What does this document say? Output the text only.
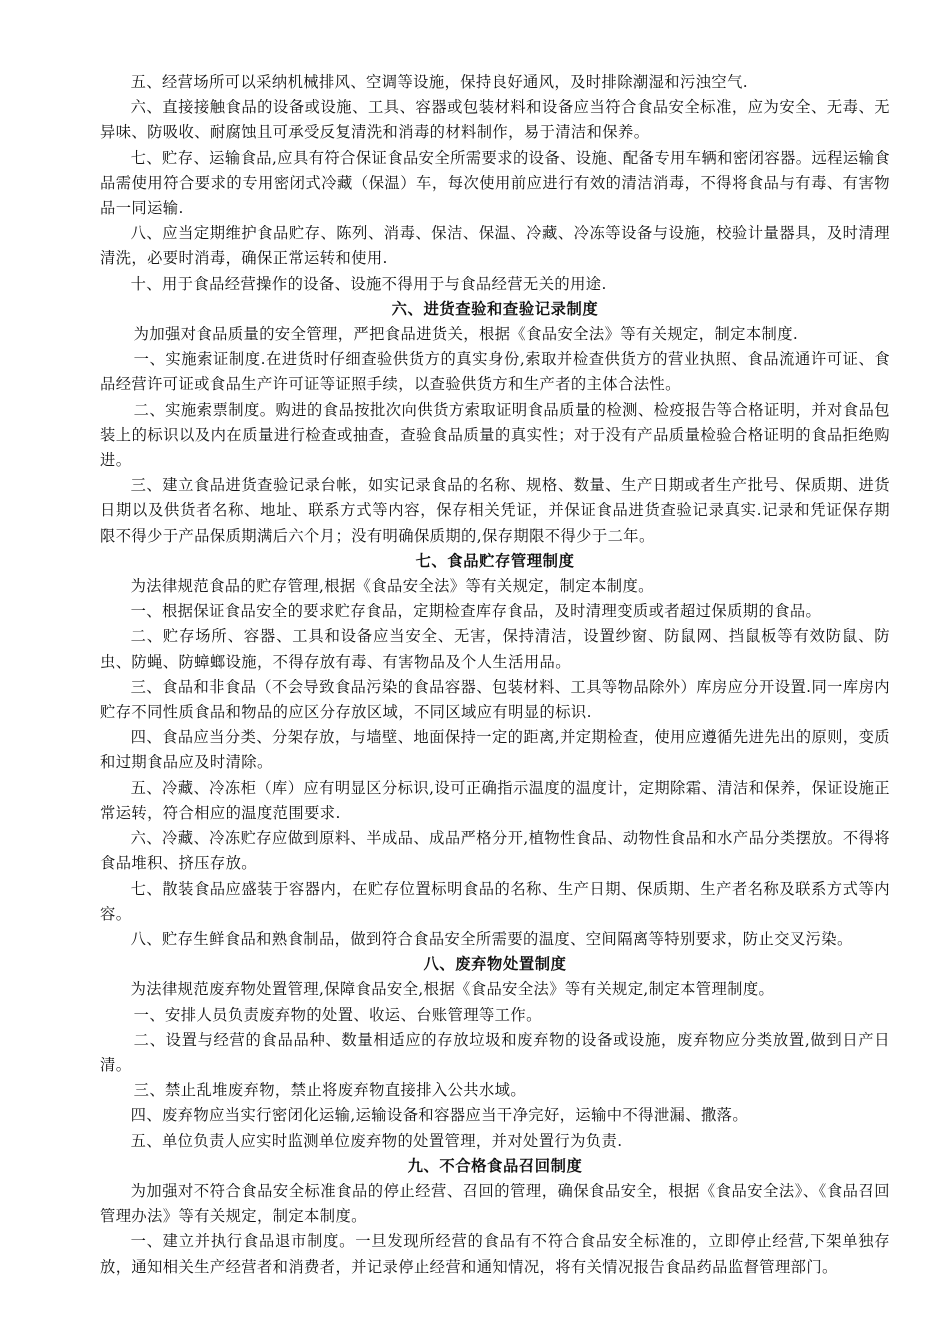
五、经营场所可以采纳机械排风、空调等设施，保持良好通风，及时排除潮湿和污浊空气.

六、直接接触食品的设备或设施、工具、容器或包装材料和设备应当符合食品安全标准，应为安全、无毒、无异味、防吸收、耐腐蚀且可承受反复清洗和消毒的材料制作，易于清洁和保养。

七、贮存、运输食品,应具有符合保证食品安全所需要求的设备、设施、配备专用车辆和密闭容器。远程运输食品需使用符合要求的专用密闭式冷藏（保温）车，每次使用前应进行有效的清洁消毒，不得将食品与有毒、有害物品一同运输.

八、应当定期维护食品贮存、陈列、消毒、保洁、保温、冷藏、冷冻等设备与设施，校验计量器具，及时清理清洗，必要时消毒，确保正常运转和使用.

十、用于食品经营操作的设备、设施不得用于与食品经营无关的用途.

六、进货查验和查验记录制度

为加强对食品质量的安全管理，严把食品进货关，根据《食品安全法》等有关规定，制定本制度.

一、实施索证制度.在进货时仔细查验供货方的真实身份,索取并检查供货方的营业执照、食品流通许可证、食品经营许可证或食品生产许可证等证照手续，以查验供货方和生产者的主体合法性。

二、实施索票制度。购进的食品按批次向供货方索取证明食品质量的检测、检疫报告等合格证明，并对食品包装上的标识以及内在质量进行检查或抽查，查验食品质量的真实性；对于没有产品质量检验合格证明的食品拒绝购进。

三、建立食品进货查验记录台帐，如实记录食品的名称、规格、数量、生产日期或者生产批号、保质期、进货日期以及供货者名称、地址、联系方式等内容，保存相关凭证，并保证食品进货查验记录真实.记录和凭证保存期限不得少于产品保质期满后六个月；没有明确保质期的,保存期限不得少于二年。

七、食品贮存管理制度

为法律规范食品的贮存管理,根据《食品安全法》等有关规定，制定本制度。

一、根据保证食品安全的要求贮存食品，定期检查库存食品，及时清理变质或者超过保质期的食品。

二、贮存场所、容器、工具和设备应当安全、无害，保持清洁，设置纱窗、防鼠网、挡鼠板等有效防鼠、防虫、防蝇、防蟑螂设施，不得存放有毒、有害物品及个人生活用品。

三、食品和非食品（不会导致食品污染的食品容器、包装材料、工具等物品除外）库房应分开设置.同一库房内贮存不同性质食品和物品的应区分存放区域，不同区域应有明显的标识.

四、食品应当分类、分架存放，与墙壁、地面保持一定的距离,并定期检查，使用应遵循先进先出的原则，变质和过期食品应及时清除。

五、冷藏、冷冻柜（库）应有明显区分标识,设可正确指示温度的温度计，定期除霜、清洁和保养，保证设施正常运转，符合相应的温度范围要求.

六、冷藏、冷冻贮存应做到原料、半成品、成品严格分开,植物性食品、动物性食品和水产品分类摆放。不得将食品堆积、挤压存放。

七、散装食品应盛装于容器内，在贮存位置标明食品的名称、生产日期、保质期、生产者名称及联系方式等内容。

八、贮存生鲜食品和熟食制品，做到符合食品安全所需要的温度、空间隔离等特别要求，防止交叉污染。

八、废弃物处置制度

为法律规范废弃物处置管理,保障食品安全,根据《食品安全法》等有关规定,制定本管理制度。

一、安排人员负责废弃物的处置、收运、台账管理等工作。

二、设置与经营的食品品种、数量相适应的存放垃圾和废弃物的设备或设施，废弃物应分类放置,做到日产日清。

三、禁止乱堆废弃物，禁止将废弃物直接排入公共水域。

四、废弃物应当实行密闭化运输,运输设备和容器应当干净完好，运输中不得泄漏、撒落。

五、单位负责人应实时监测单位废弃物的处置管理，并对处置行为负责.

九、不合格食品召回制度

为加强对不符合食品安全标准食品的停止经营、召回的管理，确保食品安全，根据《食品安全法》、《食品召回管理办法》等有关规定，制定本制度。

一、建立并执行食品退市制度。一旦发现所经营的食品有不符合食品安全标准的，立即停止经营,下架单独存放，通知相关生产经营者和消费者，并记录停止经营和通知情况，将有关情况报告食品药品监督管理部门。
